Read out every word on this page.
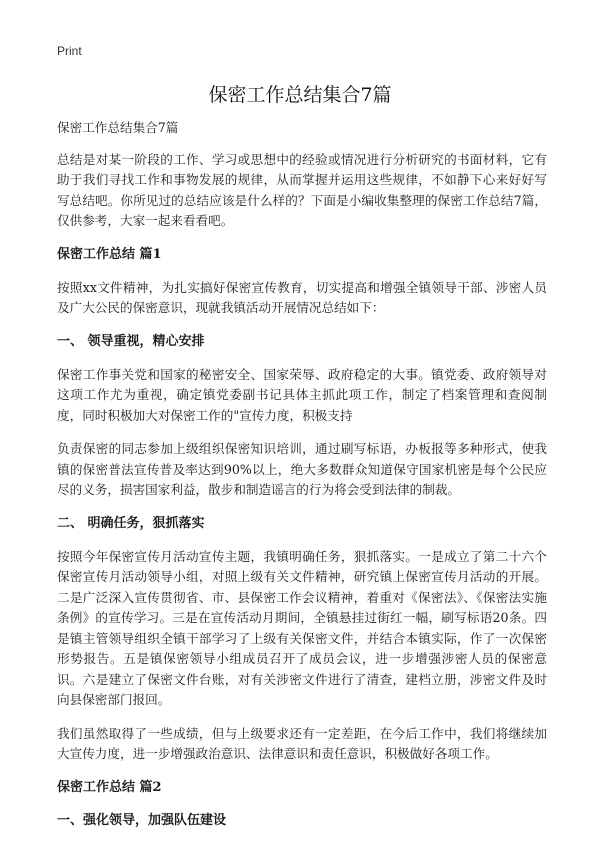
Print
保密工作总结集合7篇

保密工作总结集合7篇

总结是对某一阶段的工作、学习或思想中的经验或情况进行分析研究的书面材料，它有助于我们寻找工作和事物发展的规律，从而掌握并运用这些规律，不如静下心来好好写写总结吧。你所见过的总结应该是什么样的？下面是小编收集整理的保密工作总结7篇，仅供参考，大家一起来看看吧。

保密工作总结 篇1

按照xx文件精神，为扎实搞好保密宣传教育，切实提高和增强全镇领导干部、涉密人员及广大公民的保密意识，现就我镇活动开展情况总结如下：

一、 领导重视，精心安排

保密工作事关党和国家的秘密安全、国家荣辱、政府稳定的大事。镇党委、政府领导对这项工作尤为重视，确定镇党委副书记具体主抓此项工作，制定了档案管理和查阅制度，同时积极加大对保密工作的"宣传力度，积极支持

负责保密的同志参加上级组织保密知识培训，通过刷写标语，办板报等多种形式，使我镇的保密普法宣传普及率达到90%以上，绝大多数群众知道保守国家机密是每个公民应尽的义务，损害国家利益，散步和制造谣言的行为将会受到法律的制裁。

二、 明确任务，狠抓落实

按照今年保密宣传月活动宣传主题，我镇明确任务，狠抓落实。一是成立了第二十六个保密宣传月活动领导小组，对照上级有关文件精神，研究镇上保密宣传月活动的开展。二是广泛深入宣传贯彻省、市、县保密工作会议精神，着重对《保密法》、《保密法实施条例》的宣传学习。三是在宣传活动月期间，全镇悬挂过街红一幅，刷写标语20条。四是镇主管领导组织全镇干部学习了上级有关保密文件，并结合本镇实际，作了一次保密形势报告。五是镇保密领导小组成员召开了成员会议，进一步增强涉密人员的保密意识。六是建立了保密文件台账，对有关涉密文件进行了清查，建档立册，涉密文件及时向县保密部门报回。

我们虽然取得了一些成绩，但与上级要求还有一定差距，在今后工作中，我们将继续加大宣传力度，进一步增强政治意识、法律意识和责任意识，积极做好各项工作。

保密工作总结 篇2
一、强化领导，加强队伍建设
